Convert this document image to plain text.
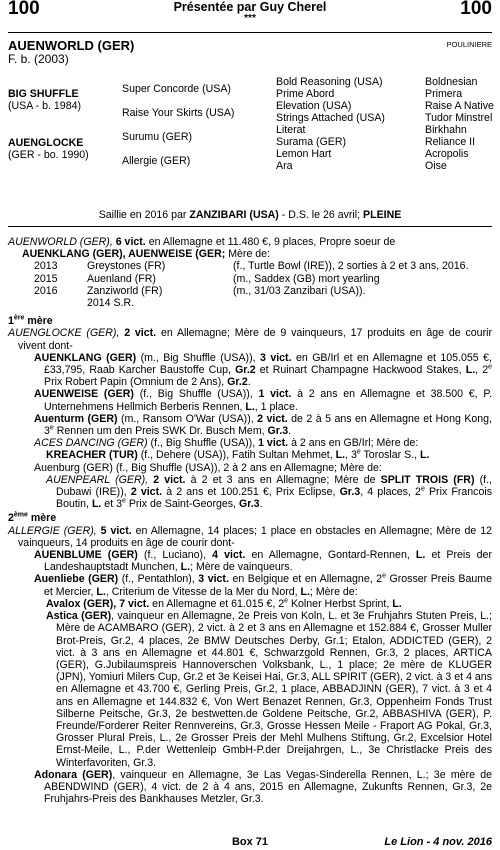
100	100
Présentée par Guy Cherel
***
AUENWORLD (GER)
F. b. (2003)
POULINIERE
BIG SHUFFLE
(USA - b. 1984)
AUENGLOCKE
(GER - bo. 1990)
Super Concorde (USA)
Raise Your Skirts (USA)
Surumu (GER)
Allergie (GER)
Bold Reasoning (USA)
Prime Abord
Elevation (USA)
Strings Attached (USA)
Literat
Surama (GER)
Lemon Hart
Ara
Boldnesian
Primera
Raise A Native
Tudor Minstrel
Birkhahn
Reliance II
Acropolis
Oise
Saillie en 2016 par ZANZIBARI (USA) - D.S. le 26 avril; PLEINE

AUENWORLD (GER), 6 vict. en Allemagne et 11.480 €, 9 places, Propre soeur de

AUENKLANG (GER), AUENWEISE (GER; Mère de:

2013	Greystones (FR)	(f., Turtle Bowl (IRE)), 2 sorties à 2 et 3 ans, 2016.
2015	Auenland (FR)	(m., Saddex (GB) mort yearling
2016	Zanziworld (FR)	(m., 31/03 Zanzibari (USA)).
2014 S.R.
1ère mère

AUENGLOCKE (GER), 2 vict. en Allemagne; Mère de 9 vainqueurs, 17 produits en âge de courir vivent dont-

AUENKLANG (GER) (m., Big Shuffle (USA)), 3 vict. en GB/Irl et en Allemagne et 105.055 €, £33,795, Raab Karcher Baustoffe Cup, Gr.2 et Ruinart Champagne Hackwood Stakes, L., 2e Prix Robert Papin (Omnium de 2 Ans), Gr.2.

AUENWEISE (GER) (f., Big Shuffle (USA)), 1 vict. à 2 ans en Allemagne et 38.500 €, P. Unternehmens Hellmich Berberis Rennen, L., 1 place.

Auenturm (GER) (m., Ransom O'War (USA)), 2 vict. de 2 à 5 ans en Allemagne et Hong Kong, 3e Rennen um den Preis SWK Dr. Busch Mem, Gr.3.

ACES DANCING (GER) (f., Big Shuffle (USA)), 1 vict. à 2 ans en GB/Irl; Mère de:

KREACHER (TUR) (f., Dehere (USA)), Fatih Sultan Mehmet, L., 3e Toroslar S., L.

Auenburg (GER) (f., Big Shuffle (USA)), 2 à 2 ans en Allemagne; Mère de:

AUENPEARL (GER), 2 vict. à 2 et 3 ans en Allemagne; Mère de SPLIT TROIS (FR) (f., Dubawi (IRE)), 2 vict. à 2 ans et 100.251 €, Prix Eclipse, Gr.3, 4 places, 2e Prix Francois Boutin, L. et 3e Prix de Saint-Georges, Gr.3.

2ème mère

ALLERGIE (GER), 5 vict. en Allemagne, 14 places; 1 place en obstacles en Allemagne; Mère de 12 vainqueurs, 14 produits en âge de courir dont-

AUENBLUME (GER) (f., Luciano), 4 vict. en Allemagne, Gontard-Rennen, L. et Preis der Landeshauptstadt Munchen, L.; Mère de vainqueurs.

Auenliebe (GER) (f., Pentathlon), 3 vict. en Belgique et en Allemagne, 2e Grosser Preis Baume et Mercier, L., Criterium de Vitesse de la Mer du Nord, L.; Mère de:

Avalox (GER), 7 vict. en Allemagne et 61.015 €, 2e Kolner Herbst Sprint, L.

Astica (GER), vainqueur en Allemagne, 2e Preis von Koln, L. et 3e Fruhjahrs Stuten Preis, L.; Mère de ACAMBARO (GER), 2 vict. à 2 et 3 ans en Allemagne et 152.884 €, Grosser Muller Brot-Preis, Gr.2, 4 places, 2e BMW Deutsches Derby, Gr.1; Etalon, ADDICTED (GER), 2 vict. à 3 ans en Allemagne et 44.801 €, Schwarzgold Rennen, Gr.3, 2 places, ARTICA (GER), G.Jubilaumspreis Hannoverschen Volksbank, L., 1 place; 2e mère de KLUGER (JPN), Yomiuri Milers Cup, Gr.2 et 3e Keisei Hai, Gr.3, ALL SPIRIT (GER), 2 vict. à 3 et 4 ans en Allemagne et 43.700 €, Gerling Preis, Gr.2, 1 place, ABBADJINN (GER), 7 vict. à 3 et 4 ans en Allemagne et 144.832 €, Von Wert Benazet Rennen, Gr.3, Oppenheim Fonds Trust Silberne Peitsche, Gr.3, 2e bestwetten.de Goldene Peitsche, Gr.2, ABBASHIVA (GER), P. Freunde/Forderer Reiter Rennvereins, Gr.3, Grosse Hessen Meile - Fraport AG Pokal, Gr.3, Grosser Plural Preis, L., 2e Grosser Preis der Mehl Mulhens Stiftung, Gr.2, Excelsior Hotel Ernst-Meile, L., P.der Wettenleip GmbH-P.der Dreijahrgen, L., 3e Christlacke Preis des Winterfavoriten, Gr.3.

Adonara (GER), vainqueur en Allemagne, 3e Las Vegas-Sinderella Rennen, L.; 3e mère de ABENDWIND (GER), 4 vict. de 2 à 4 ans, 2015 en Allemagne, Zukunfts Rennen, Gr.3, 2e Fruhjahrs-Preis des Bankhauses Metzler, Gr.3.

Box 71	Le Lion - 4 nov. 2016
